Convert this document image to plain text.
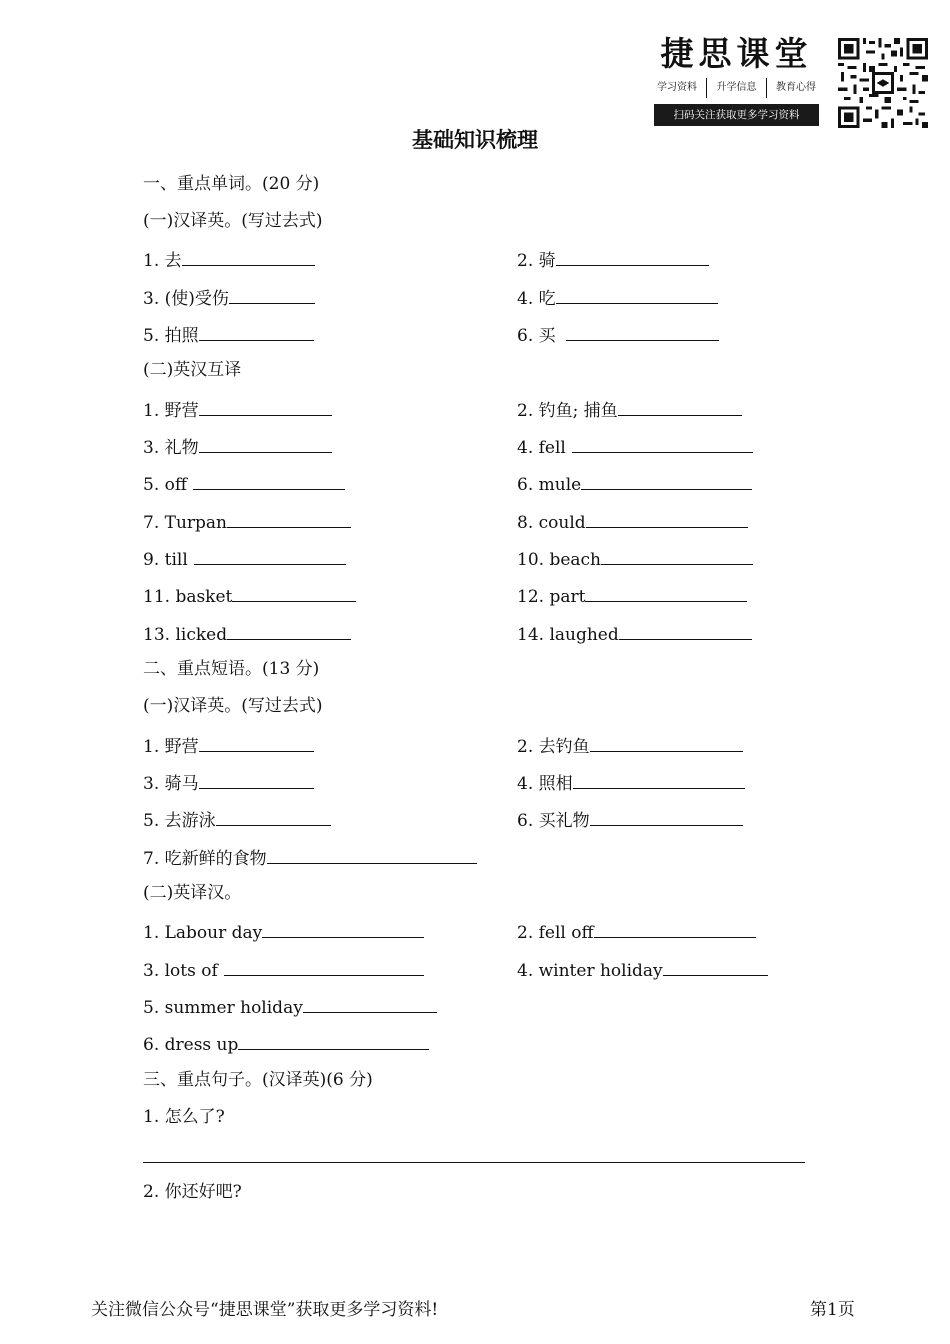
捷思课堂
学习资料	升学信息	教育心得
扫码关注获取更多学习资料
基础知识梳理
一、重点单词。(20 分)
(一)汉译英。(写过去式)
1. 去	2. 骑
3. (使)受伤	4. 吃
5. 拍照	6. 买
(二)英汉互译
1. 野营	2. 钓鱼; 捕鱼
3. 礼物	4. fell
5. off	6. mule
7. Turpan	8. could
9. till	10. beach
11. basket	12. part
13. licked	14. laughed
二、重点短语。(13 分)
(一)汉译英。(写过去式)
1. 野营	2. 去钓鱼
3. 骑马	4. 照相
5. 去游泳	6. 买礼物
7. 吃新鲜的食物
(二)英译汉。
1. Labour day	2. fell off
3. lots of	4. winter holiday
5. summer holiday
6. dress up
三、重点句子。(汉译英)(6 分)
1. 怎么了?
2. 你还好吧?
关注微信公众号“捷思课堂”获取更多学习资料!	第1页
